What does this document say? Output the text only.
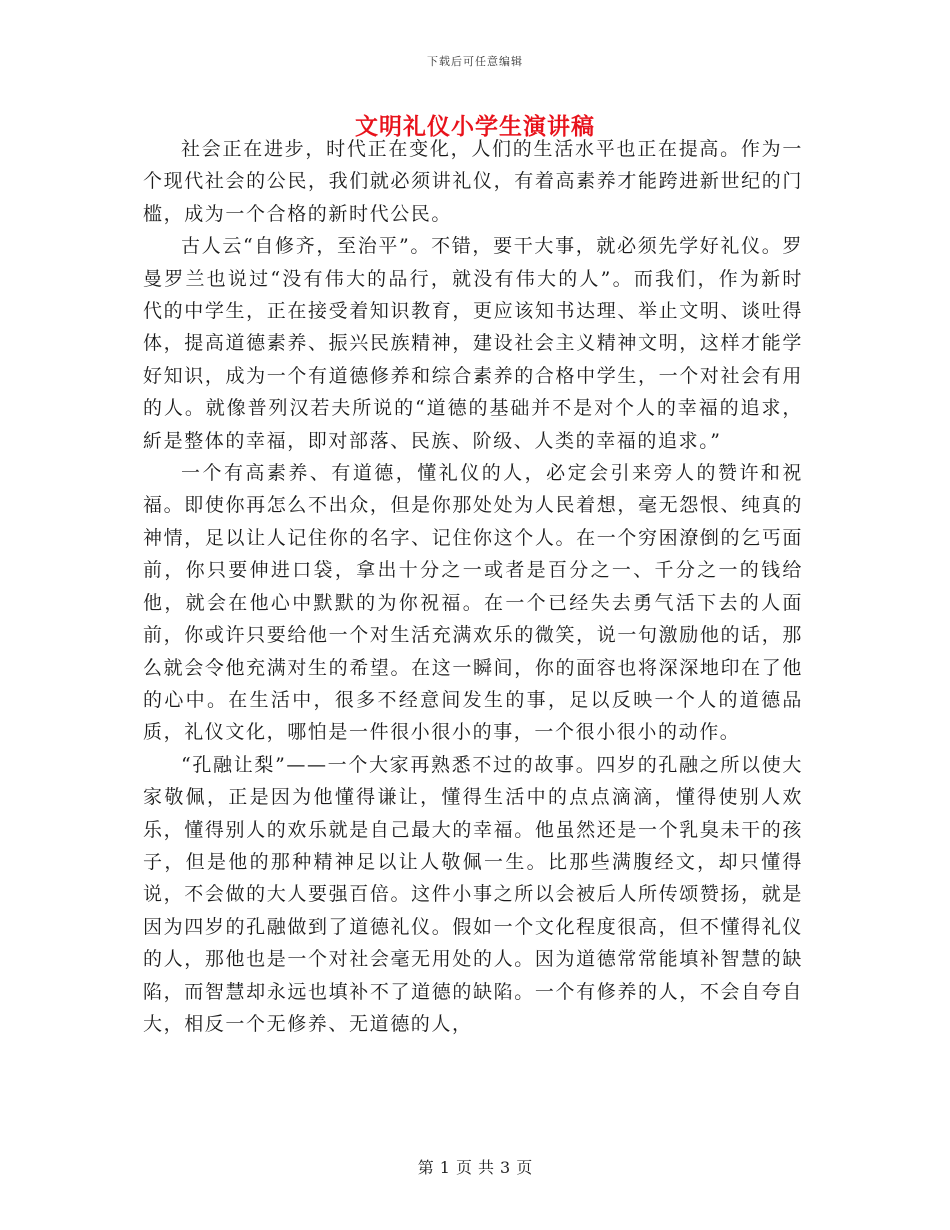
下载后可任意编辑
文明礼仪小学生演讲稿

社会正在进步，时代正在变化，人们的生活水平也正在提高。作为一个现代社会的公民，我们就必须讲礼仪，有着高素养才能跨进新世纪的门槛，成为一个合格的新时代公民。

古人云“自修齐，至治平”。不错，要干大事，就必须先学好礼仪。罗曼罗兰也说过“没有伟大的品行，就没有伟大的人”。而我们，作为新时代的中学生，正在接受着知识教育，更应该知书达理、举止文明、谈吐得体，提高道德素养、振兴民族精神，建设社会主义精神文明，这样才能学好知识，成为一个有道德修养和综合素养的合格中学生，一个对社会有用的人。就像普列汉若夫所说的“道德的基础并不是对个人的幸福的追求，紤是整体的幸福，即对部落、民族、阶级、人类的幸福的追求。”

一个有高素养、有道德，懂礼仪的人，必定会引来旁人的赞许和祝福。即使你再怎么不出众，但是你那处处为人民着想，毫无怨恨、纯真的神情，足以让人记住你的名字、记住你这个人。在一个穷困潦倒的乞丐面前，你只要伸进口袋，拿出十分之一或者是百分之一、千分之一的钱给他，就会在他心中默默的为你祝福。在一个已经失去勇气活下去的人面前，你或许只要给他一个对生活充满欢乐的微笑，说一句激励他的话，那么就会令他充满对生的希望。在这一瞬间，你的面容也将深深地印在了他的心中。在生活中，很多不经意间发生的事，足以反映一个人的道德品质，礼仪文化，哪怕是一件很小很小的事，一个很小很小的动作。

“孔融让梨”——一个大家再熟悉不过的故事。四岁的孔融之所以使大家敬佩，正是因为他懂得谦让，懂得生活中的点点滴滴，懂得使别人欢乐，懂得别人的欢乐就是自己最大的幸福。他虽然还是一个乳臭未干的孩子，但是他的那种精神足以让人敬佩一生。比那些满腹经文，却只懂得说，不会做的大人要强百倍。这件小事之所以会被后人所传颂赞扬，就是因为四岁的孔融做到了道德礼仪。假如一个文化程度很高，但不懂得礼仪的人，那他也是一个对社会毫无用处的人。因为道德常常能填补智慧的缺陷，而智慧却永远也填补不了道德的缺陷。一个有修养的人，不会自夸自大，相反一个无修养、无道德的人，

第 1 页 共 3 页
